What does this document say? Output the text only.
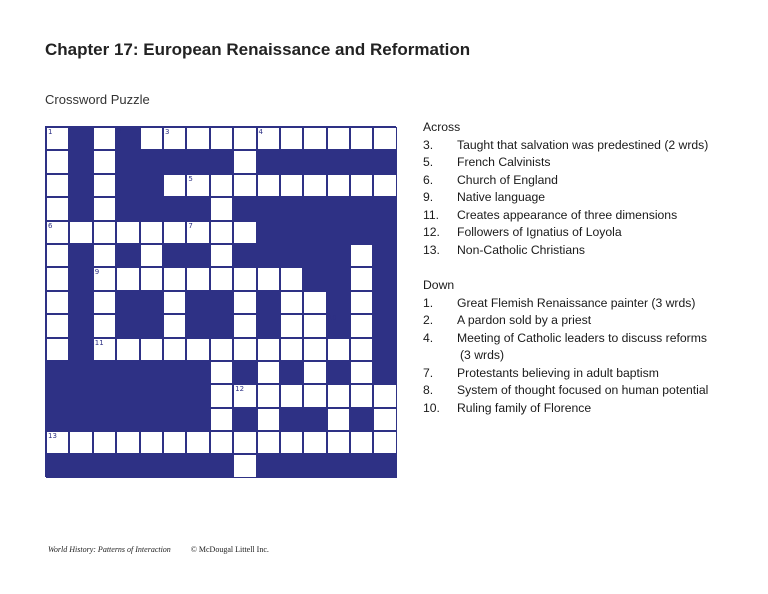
Chapter 17: European Renaissance and Reformation
Crossword Puzzle
1	2	3	4
5
6	7
8
9
10
11
12
13
Across
3.	Taught that salvation was predestined (2 wrds)
5.	French Calvinists
6.	Church of England
9.	Native language
11.	Creates appearance of three dimensions
12.	Followers of Ignatius of Loyola
13.	Non-Catholic Christians
Down
1.	Great Flemish Renaissance painter (3 wrds)
2.	A pardon sold by a priest
4.	Meeting of Catholic leaders to discuss reforms
(3 wrds)
7.	Protestants believing in adult baptism
8.	System of thought focused on human potential
10.	Ruling family of Florence
World History: Patterns of Interaction	© McDougal Littell Inc.
